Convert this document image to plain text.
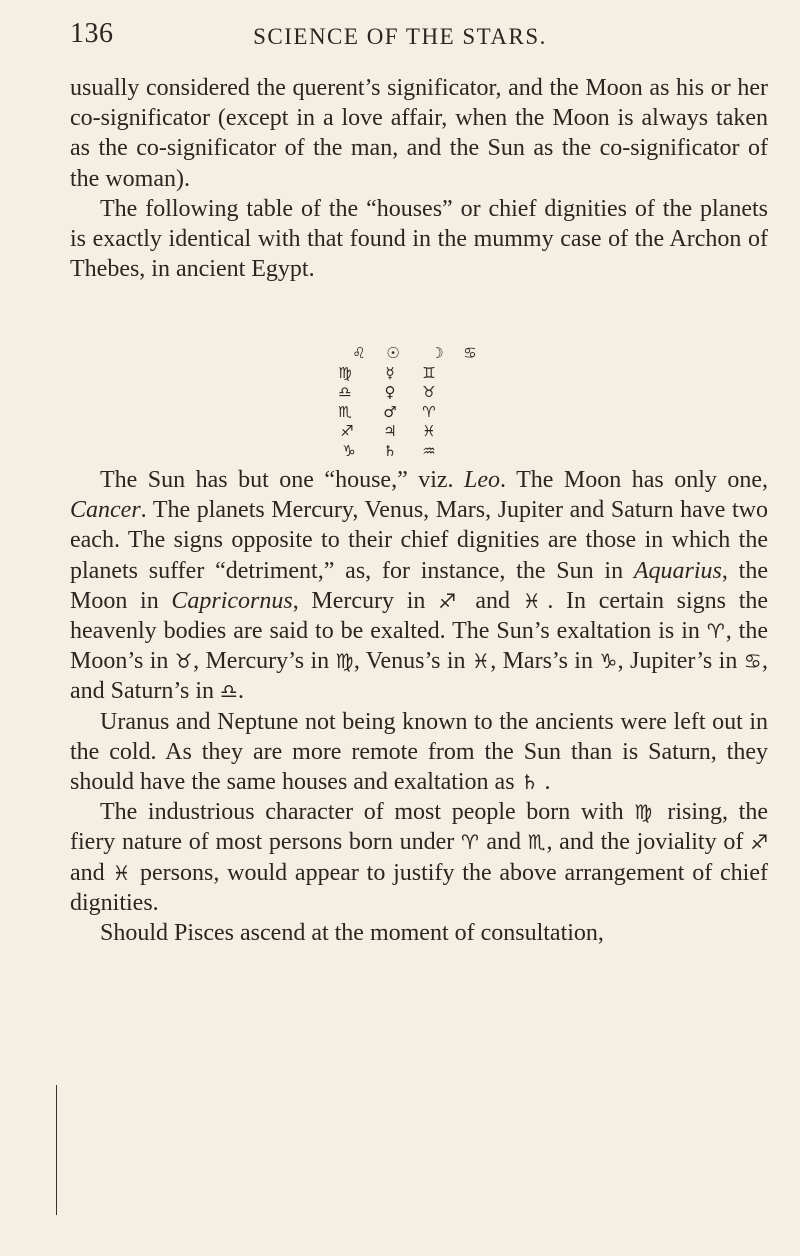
136	SCIENCE OF THE STARS.

usually considered the querent’s significator, and the Moon as his or her co-significator (except in a love affair, when the Moon is always taken as the co-significator of the man, and the Sun as the co-significator of the woman).

The following table of the “houses” or chief dignities of the planets is exactly identical with that found in the mummy case of the Archon of Thebes, in ancient Egypt.

♌	☉	☽	♋
♍	☿	♊
♎	♀	♉
♏	♂	♈
♐	♃	♓
♑	♄	♒

The Sun has but one “house,” viz. Leo. The Moon has only one, Cancer. The planets Mercury, Venus, Mars, Jupiter and Saturn have two each. The signs opposite to their chief dignities are those in which the planets suffer “detriment,” as, for instance, the Sun in Aquarius, the Moon in Capricornus, Mercury in ♐ and ♓. In certain signs the heavenly bodies are said to be exalted. The Sun’s exaltation is in ♈, the Moon’s in ♉, Mercury’s in ♍, Venus’s in ♓, Mars’s in ♑, Jupiter’s in ♋, and Saturn’s in ♎.

Uranus and Neptune not being known to the ancients were left out in the cold. As they are more remote from the Sun than is Saturn, they should have the same houses and exaltation as ♄ .

The industrious character of most people born with ♍ rising, the fiery nature of most persons born under ♈ and ♏, and the joviality of ♐ and ♓ persons, would appear to justify the above arrangement of chief dignities.

Should Pisces ascend at the moment of consultation,
